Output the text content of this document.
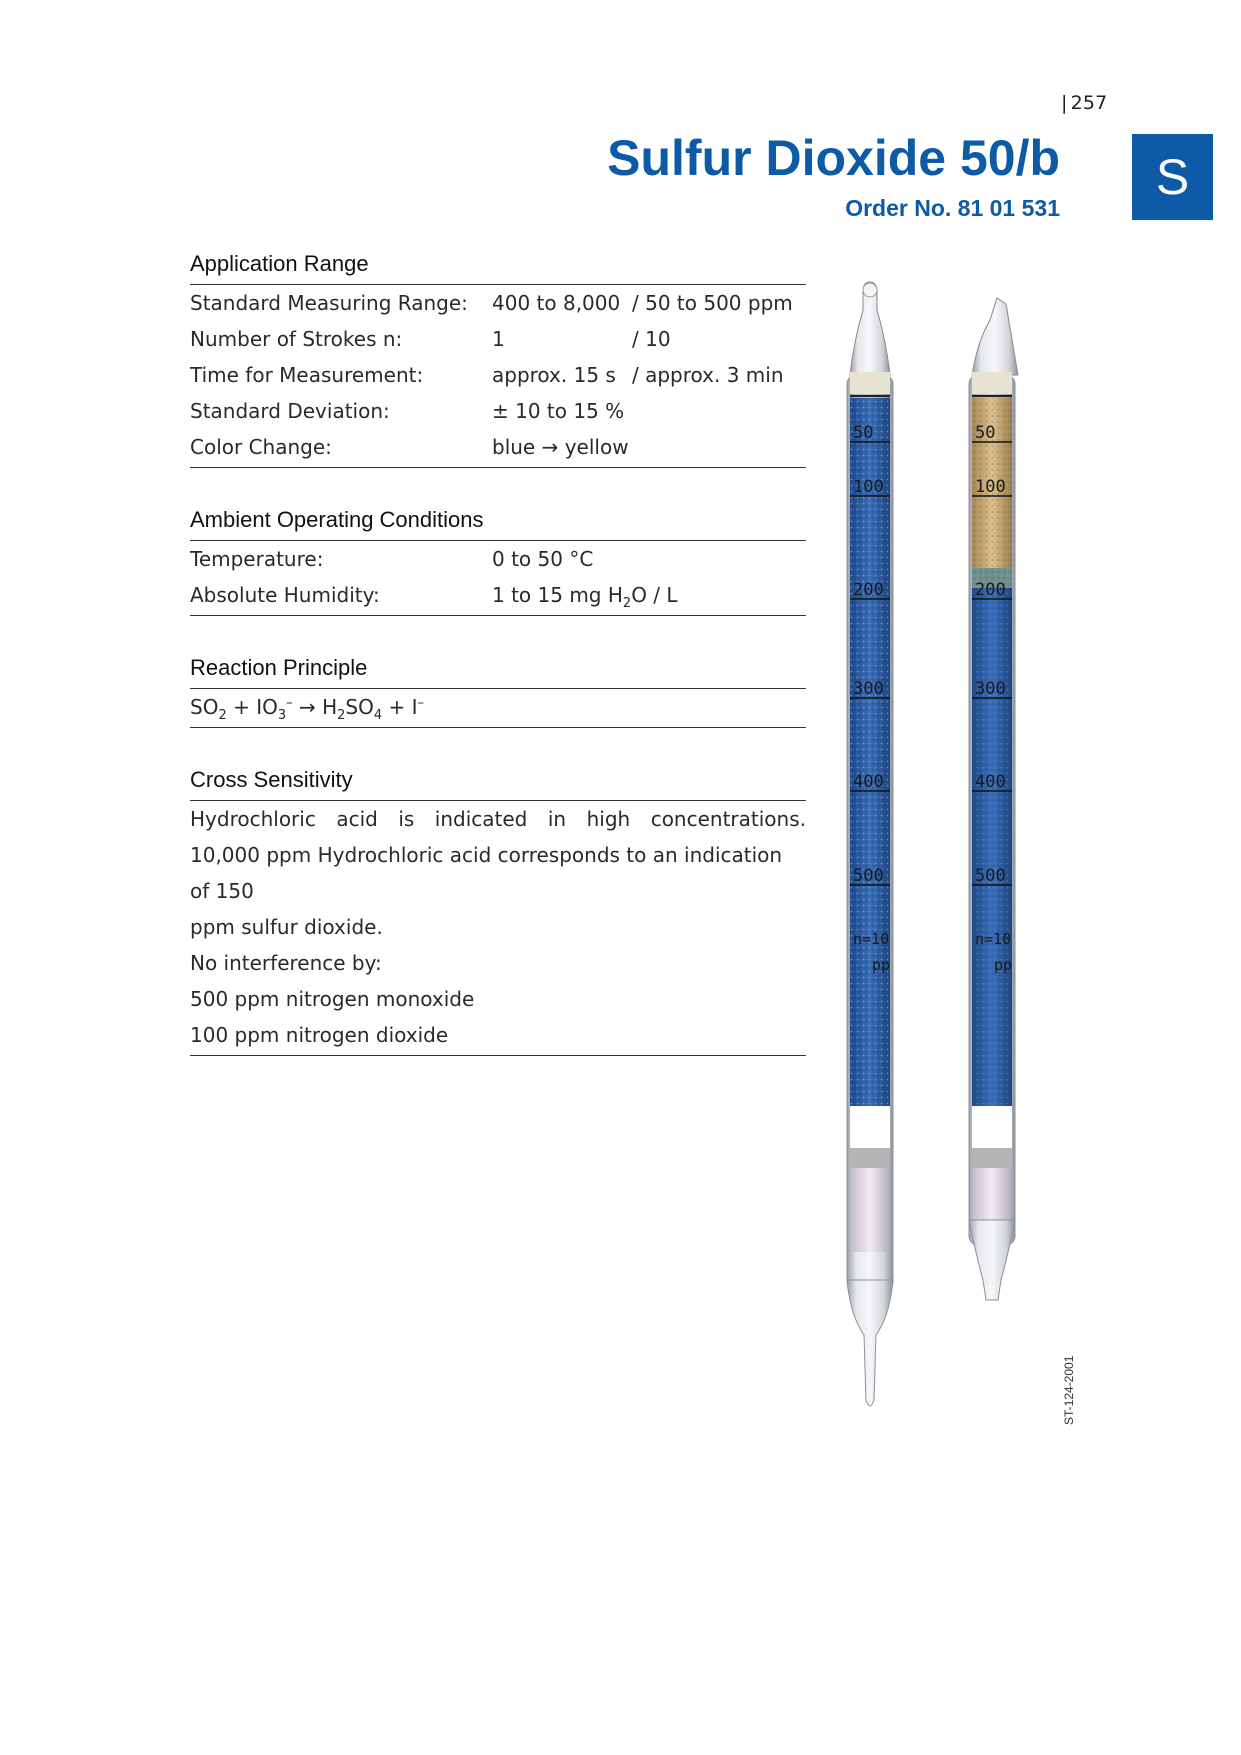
| 257
Sulfur Dioxide 50/b
Order No. 81 01 531
S
Application Range
Standard Measuring Range:	400 to 8,000 / 50 to 500 ppm
Number of Strokes n:	1	/ 10
Time for Measurement:	approx. 15 s / approx. 3 min
Standard Deviation:	± 10 to 15 %
Color Change:	blue → yellow
Ambient Operating Conditions
Temperature:	0 to 50 °C
Absolute Humidity:	1 to 15 mg $H_2O$ / L
Reaction Principle
$SO_2 + IO_3^- \to H_2SO_4 + I^-$
Cross Sensitivity
Hydrochloric acid is indicated in high concentrations.
10,000 ppm Hydrochloric acid corresponds to an indication of 150
ppm sulfur dioxide.
No interference by:
500 ppm nitrogen monoxide
100 ppm nitrogen dioxide
50
100
200
300
400
500
n=10
pp
50
100
200
300
400
500
n=10
pp
ST-124-2001
